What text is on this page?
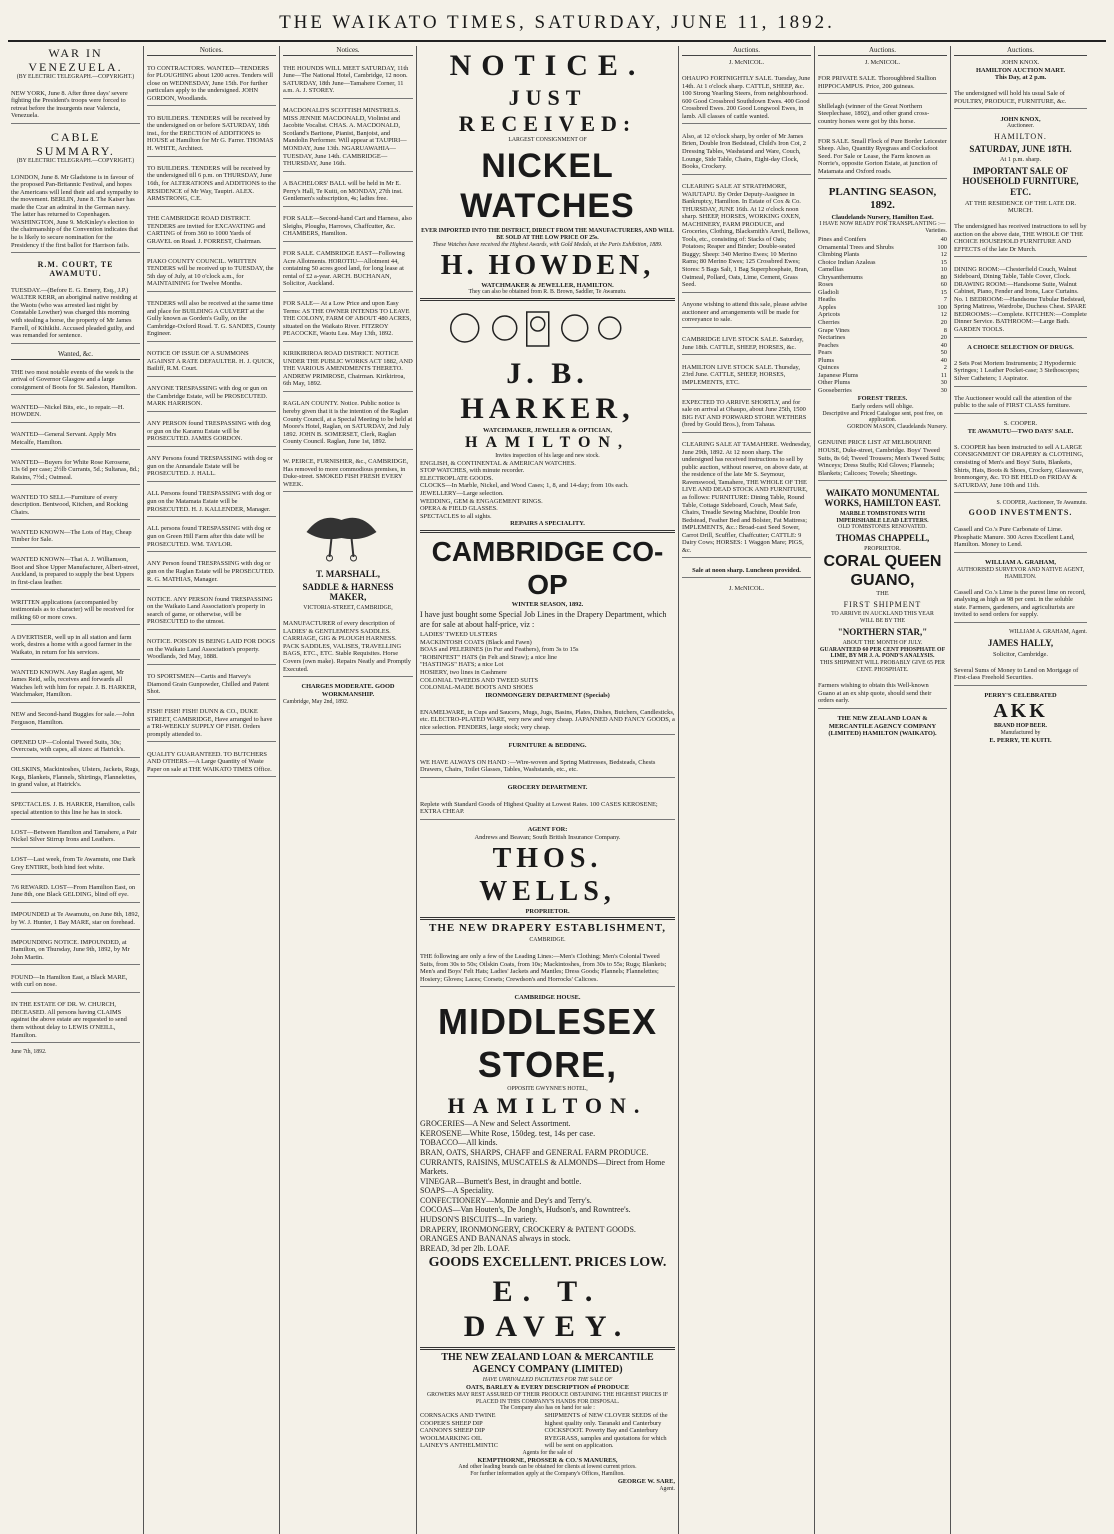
THE WAIKATO TIMES, SATURDAY, JUNE 11, 1892.
WAR IN VENEZUELA.
(BY ELECTRIC TELEGRAPH.—COPYRIGHT.)

NEW YORK, June 8. After three days' severe fighting the President's troops were forced to retreat before the insurgents near Valencia, Venezuela.

CABLE SUMMARY.
(BY ELECTRIC TELEGRAPH.—COPYRIGHT.)

LONDON, June 8. Mr Gladstone is in favour of the proposed Pan-Britannic Festival, and hopes the Americans will lend their aid and sympathy to the movement. BERLIN, June 8. The Kaiser has made the Czar an admiral in the German navy. The latter has returned to Copenhagen. WASHINGTON, June 9. McKinley's election to the chairmanship of the Convention indicates that he is likely to secure nomination for the Presidency if the first ballot for Harrison fails.

R.M. COURT, TE AWAMUTU.

TUESDAY.—(Before E. G. Emery, Esq., J.P.) WALTER KERR, an aboriginal native residing at the Waotu (who was arrested last night by Constable Lowther) was charged this morning with stealing a horse, the property of Mr James Farrell, of Kihikihi. Accused pleaded guilty, and was remanded for sentence.

Wanted, &c.

THE two most notable events of the week is the arrival of Governor Glasgow and a large consignment of Boots for St. Saleston, Hamilton.

WANTED—Nickel Bits, etc., to repair.—H. HOWDEN.

WANTED—General Servant. Apply Mrs Metcalfe, Hamilton.

WANTED—Buyers for White Rose Kerosene, 13s 6d per case; 2½lb Currants, 5d.; Sultanas, 8d.; Raisins, 7½d.; Oatmeal.

WANTED TO SELL—Furniture of every description. Bentwood, Kitchen, and Rocking Chairs.

WANTED KNOWN—The Lots of Hay, Cheap Timber for Sale.

WANTED KNOWN—That A. J. Williamson, Boot and Shoe Upper Manufacturer, Albert-street, Auckland, is prepared to supply the best Uppers in first-class leather.

WRITTEN applications (accompanied by testimonials as to character) will be received for milking 60 or more cows.

A DVERTISER, well up in all station and farm work, desires a home with a good farmer in the Waikato, in return for his services.

WANTED KNOWN. Any Raglan agent, Mr James Reid, sells, receives and forwards all Watches left with him for repair. J. B. HARKER, Watchmaker, Hamilton.

NEW and Second-hand Buggies for sale.—John Ferguson, Hamilton.

OPENED UP—Colonial Tweed Suits, 30s; Overcoats, with capes, all sizes: at Hatrick's.

OILSKINS, Mackintoshes, Ulsters, Jackets, Rugs, Kegs, Blankets, Flannels, Shirtings, Flannelettes, in grand value, at Hatrick's.

SPECTACLES. J. B. HARKER, Hamilton, calls special attention to this line he has in stock.

LOST—Between Hamilton and Tamahere, a Pair Nickel Silver Stirrup Irons and Leathers.

LOST—Last week, from Te Awamutu, one Dark Grey ENTIRE, both hind feet white.

7/6 REWARD. LOST—From Hamilton East, on June 8th, one Black GELDING, blind off eye.

IMPOUNDED at Te Awamutu, on June 8th, 1892, by W. J. Hunter, 1 Bay MARE, star on forehead.

IMPOUNDING NOTICE. IMPOUNDED, at Hamilton, on Thursday, June 9th, 1892, by Mr John Martin.

FOUND—In Hamilton East, a Black MARE, with curl on nose.

IN THE ESTATE OF DR. W. CHURCH, DECEASED. All persons having CLAIMS against the above estate are requested to send them without delay to LEWIS O'NEILL, Hamilton.

June 7th, 1892.
Notices.

TO CONTRACTORS. WANTED—TENDERS for PLOUGHING about 1200 acres. Tenders will close on WEDNESDAY, June 15th. For further particulars apply to the undersigned. JOHN GORDON, Woodlands.

TO BUILDERS. TENDERS will be received by the undersigned on or before SATURDAY, 18th inst., for the ERECTION of ADDITIONS to HOUSE at Hamilton for Mr G. Farrer. THOMAS H. WHITE, Architect.

TO BUILDERS. TENDERS will be received by the undersigned till 6 p.m. on THURSDAY, June 16th, for ALTERATIONS and ADDITIONS to the RESIDENCE of Mr Way, Taupiri. ALEX. ARMSTRONG, C.E.

THE CAMBRIDGE ROAD DISTRICT. TENDERS are invited for EXCAVATING and CARTING of from 360 to 1000 Yards of GRAVEL on Road. J. FORREST, Chairman.

PIAKO COUNTY COUNCIL. WRITTEN TENDERS will be received up to TUESDAY, the 5th day of July, at 10 o'clock a.m., for MAINTAINING for Twelve Months.

TENDERS will also be received at the same time and place for BUILDING A CULVERT at the Gully known as Gorden's Gully, on the Cambridge-Oxford Road. T. G. SANDES, County Engineer.

NOTICE OF ISSUE OF A SUMMONS AGAINST A RATE DEFAULTER. H. J. QUICK, Bailiff, R.M. Court.

ANYONE TRESPASSING with dog or gun on the Cambridge Estate, will be PROSECUTED. MARK HARRISON.

ANY PERSON found TRESPASSING with dog or gun on the Karamu Estate will be PROSECUTED. JAMES GORDON.

ANY Persons found TRESPASSING with dog or gun on the Annandale Estate will be PROSECUTED. J. HALL.

ALL Persons found TRESPASSING with dog or gun on the Matamata Estate will be PROSECUTED. H. J. KALLENDER, Manager.

ALL persons found TRESPASSING with dog or gun on Green Hill Farm after this date will be PROSECUTED. WM. TAYLOR.

ANY Person found TRESPASSING with dog or gun on the Raglan Estate will be PROSECUTED. R. G. MATHIAS, Manager.

NOTICE. ANY PERSON found TRESPASSING on the Waikato Land Association's property in search of game, or otherwise, will be PROSECUTED to the utmost.

NOTICE. POISON IS BEING LAID FOR DOGS on the Waikato Land Association's property. Woodlands, 3rd May, 1888.

TO SPORTSMEN—Cartis and Harvey's Diamond Grain Gunpowder, Chilled and Patent Shot.

FISH! FISH! FISH! DUNN & CO., DUKE STREET, CAMBRIDGE, Have arranged to have a TRI-WEEKLY SUPPLY OF FISH. Orders promptly attended to.

QUALITY GUARANTEED. TO BUTCHERS AND OTHERS.—A Large Quantity of Waste Paper on sale at THE WAIKATO TIMES Office.

Notices.

THE HOUNDS WILL MEET SATURDAY, 11th June—The National Hotel, Cambridge, 12 noon. SATURDAY, 18th June—Tamahere Corner, 11 a.m. A. J. STOREY.

MACDONALD'S SCOTTISH MINSTRELS. MISS JENNIE MACDONALD, Violinist and Jacobite Vocalist. CHAS. A. MACDONALD, Scotland's Baritone, Pianist, Banjoist, and Mandolin Performer. Will appear at TAUPIRI—MONDAY, June 13th. NGARUAWAHIA—TUESDAY, June 14th. CAMBRIDGE—THURSDAY, June 16th.

A BACHELORS' BALL will be held in Mr E. Perry's Hall, Te Kuiti, on MONDAY, 27th inst. Gentlemen's subscription, 4s; ladies free.

FOR SALE—Second-hand Cart and Harness, also Sleighs, Ploughs, Harrows, Chaffcutter, &c. CHAMBERS, Hamilton.

FOR SALE. CAMBRIDGE EAST—Following Acre Allotments. HOROTIU—Allotment 44, containing 50 acres good land, for long lease at rental of £2 a-year. ARCH. BUCHANAN, Solicitor, Auckland.

FOR SALE— At a Low Price and upon Easy Terms: AS THE OWNER INTENDS TO LEAVE THE COLONY, FARM OF ABOUT 480 ACRES, situated on the Waikato River. FITZROY PEACOCKE, Waotu Lea. May 13th, 1892.

KIRIKIRIROA ROAD DISTRICT. NOTICE UNDER THE PUBLIC WORKS ACT 1882, AND THE VARIOUS AMENDMENTS THERETO. ANDREW PRIMROSE, Chairman. Kirikiriroa, 6th May, 1892.

RAGLAN COUNTY. Notice. Public notice is hereby given that it is the intention of the Raglan County Council, at a Special Meeting to be held at Moore's Hotel, Raglan, on SATURDAY, 2nd July 1892. JOHN B. SOMERSET, Clerk, Raglan County Council. Raglan, June 1st, 1892.

W. PEIRCE, FURNISHER, &c., CAMBRIDGE, Has removed to more commodious premises, in Duke-street. SMOKED FISH FRESH EVERY WEEK.

T. MARSHALL,
SADDLE & HARNESS MAKER,
VICTORIA-STREET, CAMBRIDGE,

MANUFACTURER of every description of LADIES' & GENTLEMEN'S SADDLES. CARRIAGE, GIG & PLOUGH HARNESS. PACK SADDLES, VALISES, TRAVELLING BAGS, ETC., ETC. Stable Requisites. Horse Covers (own make). Repairs Neatly and Promptly Executed.

CHARGES MODERATE. GOOD WORKMANSHIP.
Cambridge, May 2nd, 1892.
NOTICE.
JUST RECEIVED:
LARGEST CONSIGNMENT OF
NICKEL WATCHES
EVER IMPORTED INTO THE DISTRICT, DIRECT FROM THE MANUFACTURERS, AND WILL BE SOLD AT THE LOW PRICE OF 25s.
These Watches have received the Highest Awards, with Gold Medals, at the Paris Exhibition, 1889.
H. HOWDEN,
WATCHMAKER & JEWELLER, HAMILTON.
They can also be obtained from R. B. Brown, Saddler, Te Awamutu.
J. B. HARKER,
WATCHMAKER, JEWELLER & OPTICIAN,
HAMILTON,
Invites inspection of his large and new stock.
ENGLISH, & CONTINENTAL & AMERICAN WATCHES.
STOP WATCHES, with minute recorder.
ELECTROPLATE GOODS.
CLOCKS—In Marble, Nickel, and Wood Cases; 1, 8, and 14-day; from 10s each.
JEWELLERY—Large selection.
WEDDING, GEM & ENGAGEMENT RINGS.
OPERA & FIELD GLASSES.
SPECTACLES to all sights.
REPAIRS A SPECIALITY.
CAMBRIDGE CO-OP
WINTER SEASON, 1892.

I have just bought some Special Job Lines in the Drapery Department, which are for sale at about half-price, viz :

LADIES' TWEED ULSTERS
MACKINTOSH COATS (Black and Fawn)
BOAS and PELERINES (in Fur and Feathers), from 3s to 15s
"ROBINFEST" HATS (in Felt and Straw); a nice line
"HASTINGS" HATS; a nice Lot
HOSIERY, two lines in Cashmere
COLONIAL TWEEDS AND TWEED SUITS
COLONIAL-MADE BOOTS AND SHOES
IRONMONGERY DEPARTMENT (Specials)

ENAMELWARE, in Cups and Saucers, Mugs, Jugs, Basins, Plates, Dishes, Butchers, Candlesticks, etc. ELECTRO-PLATED WARE, very new and very cheap. JAPANNED AND FANCY GOODS, a nice selection. FENDERS, large stock; very cheap.

FURNITURE & BEDDING.

WE HAVE ALWAYS ON HAND :—Wire-woven and Spring Mattresses, Bedsteads, Chests Drawers, Chairs, Toilet Glasses, Tables, Washstands, etc., etc.

GROCERY DEPARTMENT.

Replete with Standard Goods of Highest Quality at Lowest Rates. 100 CASES KEROSENE; EXTRA CHEAP.

AGENT FOR:
Andrews and Beavan; South British Insurance Company.
THOS. WELLS,
PROPRIETOR.
THE NEW DRAPERY ESTABLISHMENT,
CAMBRIDGE.

THE following are only a few of the Leading Lines:—Men's Clothing; Men's Colonial Tweed Suits, from 30s to 50s; Oilskin Coats, from 10s; Mackintoshes, from 30s to 55s; Rugs; Blankets; Men's and Boys' Felt Hats; Ladies' Jackets and Mantles; Dress Goods; Flannels; Flannelettes; Hosiery; Gloves; Laces; Corsets; Crewdson's and Horrocks' Calicoes.

CAMBRIDGE HOUSE.
MIDDLESEX STORE,
OPPOSITE GWYNNE'S HOTEL,
HAMILTON.
GROCERIES—A New and Select Assortment.
KEROSENE—White Rose, 150deg. test, 14s per case.
TOBACCO—All kinds.
BRAN, OATS, SHARPS, CHAFF and GENERAL FARM PRODUCE.
CURRANTS, RAISINS, MUSCATELS & ALMONDS—Direct from Home Markets.
VINEGAR—Burnett's Best, in draught and bottle.
SOAPS—A Speciality.
CONFECTIONERY—Monnie and Dey's and Terry's.
COCOAS—Van Houten's, De Jongh's, Hudson's, and Rowntree's.
HUDSON'S BISCUITS—In variety.
DRAPERY, IRONMONGERY, CROCKERY & PATENT GOODS.
ORANGES AND BANANAS always in stock.
BREAD, 3d per 2lb. LOAF.
GOODS EXCELLENT. PRICES LOW.
E. T. DAVEY.
THE NEW ZEALAND LOAN & MERCANTILE AGENCY COMPANY (LIMITED)
HAVE UNRIVALLED FACILITIES FOR THE SALE OF
OATS, BARLEY & EVERY DESCRIPTION of PRODUCE
GROWERS MAY REST ASSURED OF THEIR PRODUCE OBTAINING THE HIGHEST PRICES IF PLACED IN THIS COMPANY'S HANDS FOR DISPOSAL.
The Company also has on hand for sale :
CORNSACKS AND TWINE
COOPER'S SHEEP DIP
CANNON'S SHEEP DIP
WOOLMARKING OIL
LAINEY'S ANTHELMINTIC
SHIPMENTS of NEW CLOVER SEEDS of the highest quality only. Taranaki and Canterbury COCKSFOOT. Poverty Bay and Canterbury RYEGRASS, samples and quotations for which will be sent on application.
Agents for the sale of
KEMPTHORNE, PROSSER & CO.'S MANURES,
And other leading brands can be obtained for clients at lowest current prices.
For further information apply at the Company's Offices, Hamilton.
GEORGE W. SARE,
Agent.
Auctions.
J. McNICOL.

OHAUPO FORTNIGHTLY SALE. Tuesday, June 14th. At 1 o'clock sharp. CATTLE, SHEEP, &c. 100 Strong Yearling Steers, from neighbourhood. 600 Good Crossbred Southdown Ewes. 400 Good Crossbred Ewes. 200 Good Longwool Ewes, in lamb. All classes of cattle wanted.

Also, at 12 o'clock sharp, by order of Mr James Brien, Double Iron Bedstead, Child's Iron Cot, 2 Dressing Tables, Washstand and Ware, Couch, Lounge, Side Table, Chairs, Eight-day Clock, Books, Crockery.

CLEARING SALE AT STRATHMORE, WAIUTAPU. By Order Deputy-Assignee in Bankruptcy, Hamilton. In Estate of Cox & Co. THURSDAY, JUNE 16th. At 12 o'clock noon sharp. SHEEP, HORSES, WORKING OXEN, MACHINERY, FARM PRODUCE, and Groceries, Clothing, Blacksmith's Anvil, Bellows, Tools, etc., consisting of: Stacks of Oats; Potatoes; Reaper and Binder; Double-seated Buggy; Sheep: 340 Merino Ewes; 10 Merino Rams; 80 Merino Ewes; 125 Crossbred Ewes; Stores: 5 Bags Salt, 1 Bag Superphosphate, Bran, Oatmeal, Pollard, Oats, Lime, Cement, Grass Seed.

Anyone wishing to attend this sale, please advise auctioneer and arrangements will be made for conveyance to sale.

CAMBRIDGE LIVE STOCK SALE. Saturday, June 18th. CATTLE, SHEEP, HORSES, &c.

HAMILTON LIVE STOCK SALE. Thursday, 23rd June. CATTLE, SHEEP, HORSES, IMPLEMENTS, ETC.

EXPECTED TO ARRIVE SHORTLY, and for sale on arrival at Ohaupo, about June 25th, 1500 BIG FAT AND FORWARD STORE WETHERS (bred by Gould Bros.), from Tahaua.

CLEARING SALE AT TAMAHERE. Wednesday, June 29th, 1892. At 12 noon sharp. The undersigned has received instructions to sell by public auction, without reserve, on above date, at the residence of the late Mr S. Seymour, Ravenswood, Tamahere, THE WHOLE OF THE LIVE AND DEAD STOCK AND FURNITURE, as follows: FURNITURE: Dining Table, Round Table, Cottage Sideboard, Couch, Meat Safe, Chairs, Treadle Sewing Machine, Double Iron Bedstead, Feather Bed and Bolster, Fat Mattress; IMPLEMENTS, &c.: Broad-cast Seed Sower, Carrot Drill, Scuffler, Chaffcutter; CATTLE: 9 Dairy Cows; HORSES: 1 Waggon Mare; PIGS, &c.

Sale at noon sharp. Luncheon provided.

J. McNICOL.
Auctions.
J. McNICOL.

FOR PRIVATE SALE. Thoroughbred Stallion HIPPOCAMPUS. Price, 200 guineas.

Shillelagh (winner of the Great Northern Steeplechase, 1892), and other grand cross-country horses were got by this horse.

FOR SALE. Small Flock of Pure Border Leicester Sheep. Also, Quantity Ryegrass and Cocksfoot Seed. For Sale or Lease, the Farm known as Norrie's, opposite Gorton Estate, at junction of Matamata and Oxford roads.

PLANTING SEASON, 1892.
Claudelands Nursery, Hamilton East.
I HAVE NOW READY FOR TRANSPLANTING :—
Varieties.
Pines and Conifers	40
Ornamental Trees and Shrubs	100
Climbing Plants	12
Choice Indian Azaleas	15
Camellias	10
Chrysanthemums	80
Roses	60
Gladioli	15
Heaths	7
Apples	100
Apricots	12
Cherries	20
Grape Vines	8
Nectarines	20
Peaches	40
Pears	50
Plums	40
Quinces	2
Japanese Plums	11
Other Plums	30
Gooseberries	30
FOREST TREES.
Early orders will oblige.
Descriptive and Priced Catalogue sent, post free, on application.
GORDON MASON, Claudelands Nursery.

GENUINE PRICE LIST AT MELBOURNE HOUSE, Duke-street, Cambridge. Boys' Tweed Suits, 8s 6d; Tweed Trousers; Men's Tweed Suits; Winceys; Dress Stuffs; Kid Gloves; Flannels; Blankets; Calicoes; Towels; Sheetings.

WAIKATO MONUMENTAL WORKS, HAMILTON EAST.
MARBLE TOMBSTONES WITH IMPERISHABLE LEAD LETTERS.
OLD TOMBSTONES RENOVATED.
THOMAS CHAPPELL,
PROPRIETOR.
CORAL QUEEN GUANO,
THE
FIRST SHIPMENT
TO ARRIVE IN AUCKLAND THIS YEAR
WILL BE BY THE
"NORTHERN STAR,"
ABOUT THE MONTH OF JULY.
GUARANTEED 60 PER CENT PHOSPHATE OF LIME, BY MR J. A. POND'S ANALYSIS.
THIS SHIPMENT WILL PROBABLY GIVE 65 PER CENT. PHOSPHATE.

Farmers wishing to obtain this Well-known Guano at an ex ship quote, should send their orders early.

THE NEW ZEALAND LOAN & MERCANTILE AGENCY COMPANY (LIMITED) HAMILTON (WAIKATO).
Auctions.
JOHN KNOX.
HAMILTON AUCTION MART.
This Day, at 2 p.m.

The undersigned will hold his usual Sale of POULTRY, PRODUCE, FURNITURE, &c.

JOHN KNOX,
Auctioneer.
HAMILTON.
SATURDAY, JUNE 18TH.
At 1 p.m. sharp.
IMPORTANT SALE OF HOUSEHOLD FURNITURE, ETC.
AT THE RESIDENCE OF THE LATE DR. MURCH.

The undersigned has received instructions to sell by auction on the above date, THE WHOLE OF THE CHOICE HOUSEHOLD FURNITURE AND EFFECTS of the late Dr Murch.

DINING ROOM:—Chesterfield Couch, Walnut Sideboard, Dining Table, Table Cover, Clock. DRAWING ROOM:—Handsome Suite, Walnut Cabinet, Piano, Fender and Irons, Lace Curtains. No. 1 BEDROOM:—Handsome Tubular Bedstead, Spring Mattress, Wardrobe, Duchess Chest. SPARE BEDROOMS:—Complete. KITCHEN:—Complete Dinner Service. BATHROOM:—Large Bath. GARDEN TOOLS.

A CHOICE SELECTION OF DRUGS.

2 Sets Post Mortem Instruments; 2 Hypodermic Syringes; 1 Leather Pocket-case; 3 Stethoscopes; Silver Catheters; 1 Aspirator.

The Auctioneer would call the attention of the public to the sale of FIRST CLASS furniture.

S. COOPER.
TE AWAMUTU—TWO DAYS' SALE.

S. COOPER has been instructed to sell A LARGE CONSIGNMENT OF DRAPERY & CLOTHING, consisting of Men's and Boys' Suits, Blankets, Shirts, Hats, Boots & Shoes, Crockery, Glassware, Ironmongery, &c. TO BE HELD on FRIDAY & SATURDAY, June 10th and 11th.

S. COOPER, Auctioneer, Te Awamutu.
GOOD INVESTMENTS.

Cassell and Co.'s Pure Carbonate of Lime. Phosphatic Manure. 300 Acres Excellent Land, Hamilton. Money to Lend.

WILLIAM A. GRAHAM,
AUTHORISED SURVEYOR AND NATIVE AGENT, HAMILTON.

Cassell and Co.'s Lime is the purest lime on record, analysing as high as 98 per cent. in the soluble state. Farmers, gardeners, and agriculturists are invited to send orders for supply.

WILLIAM A. GRAHAM, Agent.
JAMES HALLY,
Solicitor, Cambridge.

Several Sums of Money to Lend on Mortgage of First-class Freehold Securities.

PERRY'S CELEBRATED
AKK
BRAND HOP BEER.
Manufactured by
E. PERRY, TE KUITI.
